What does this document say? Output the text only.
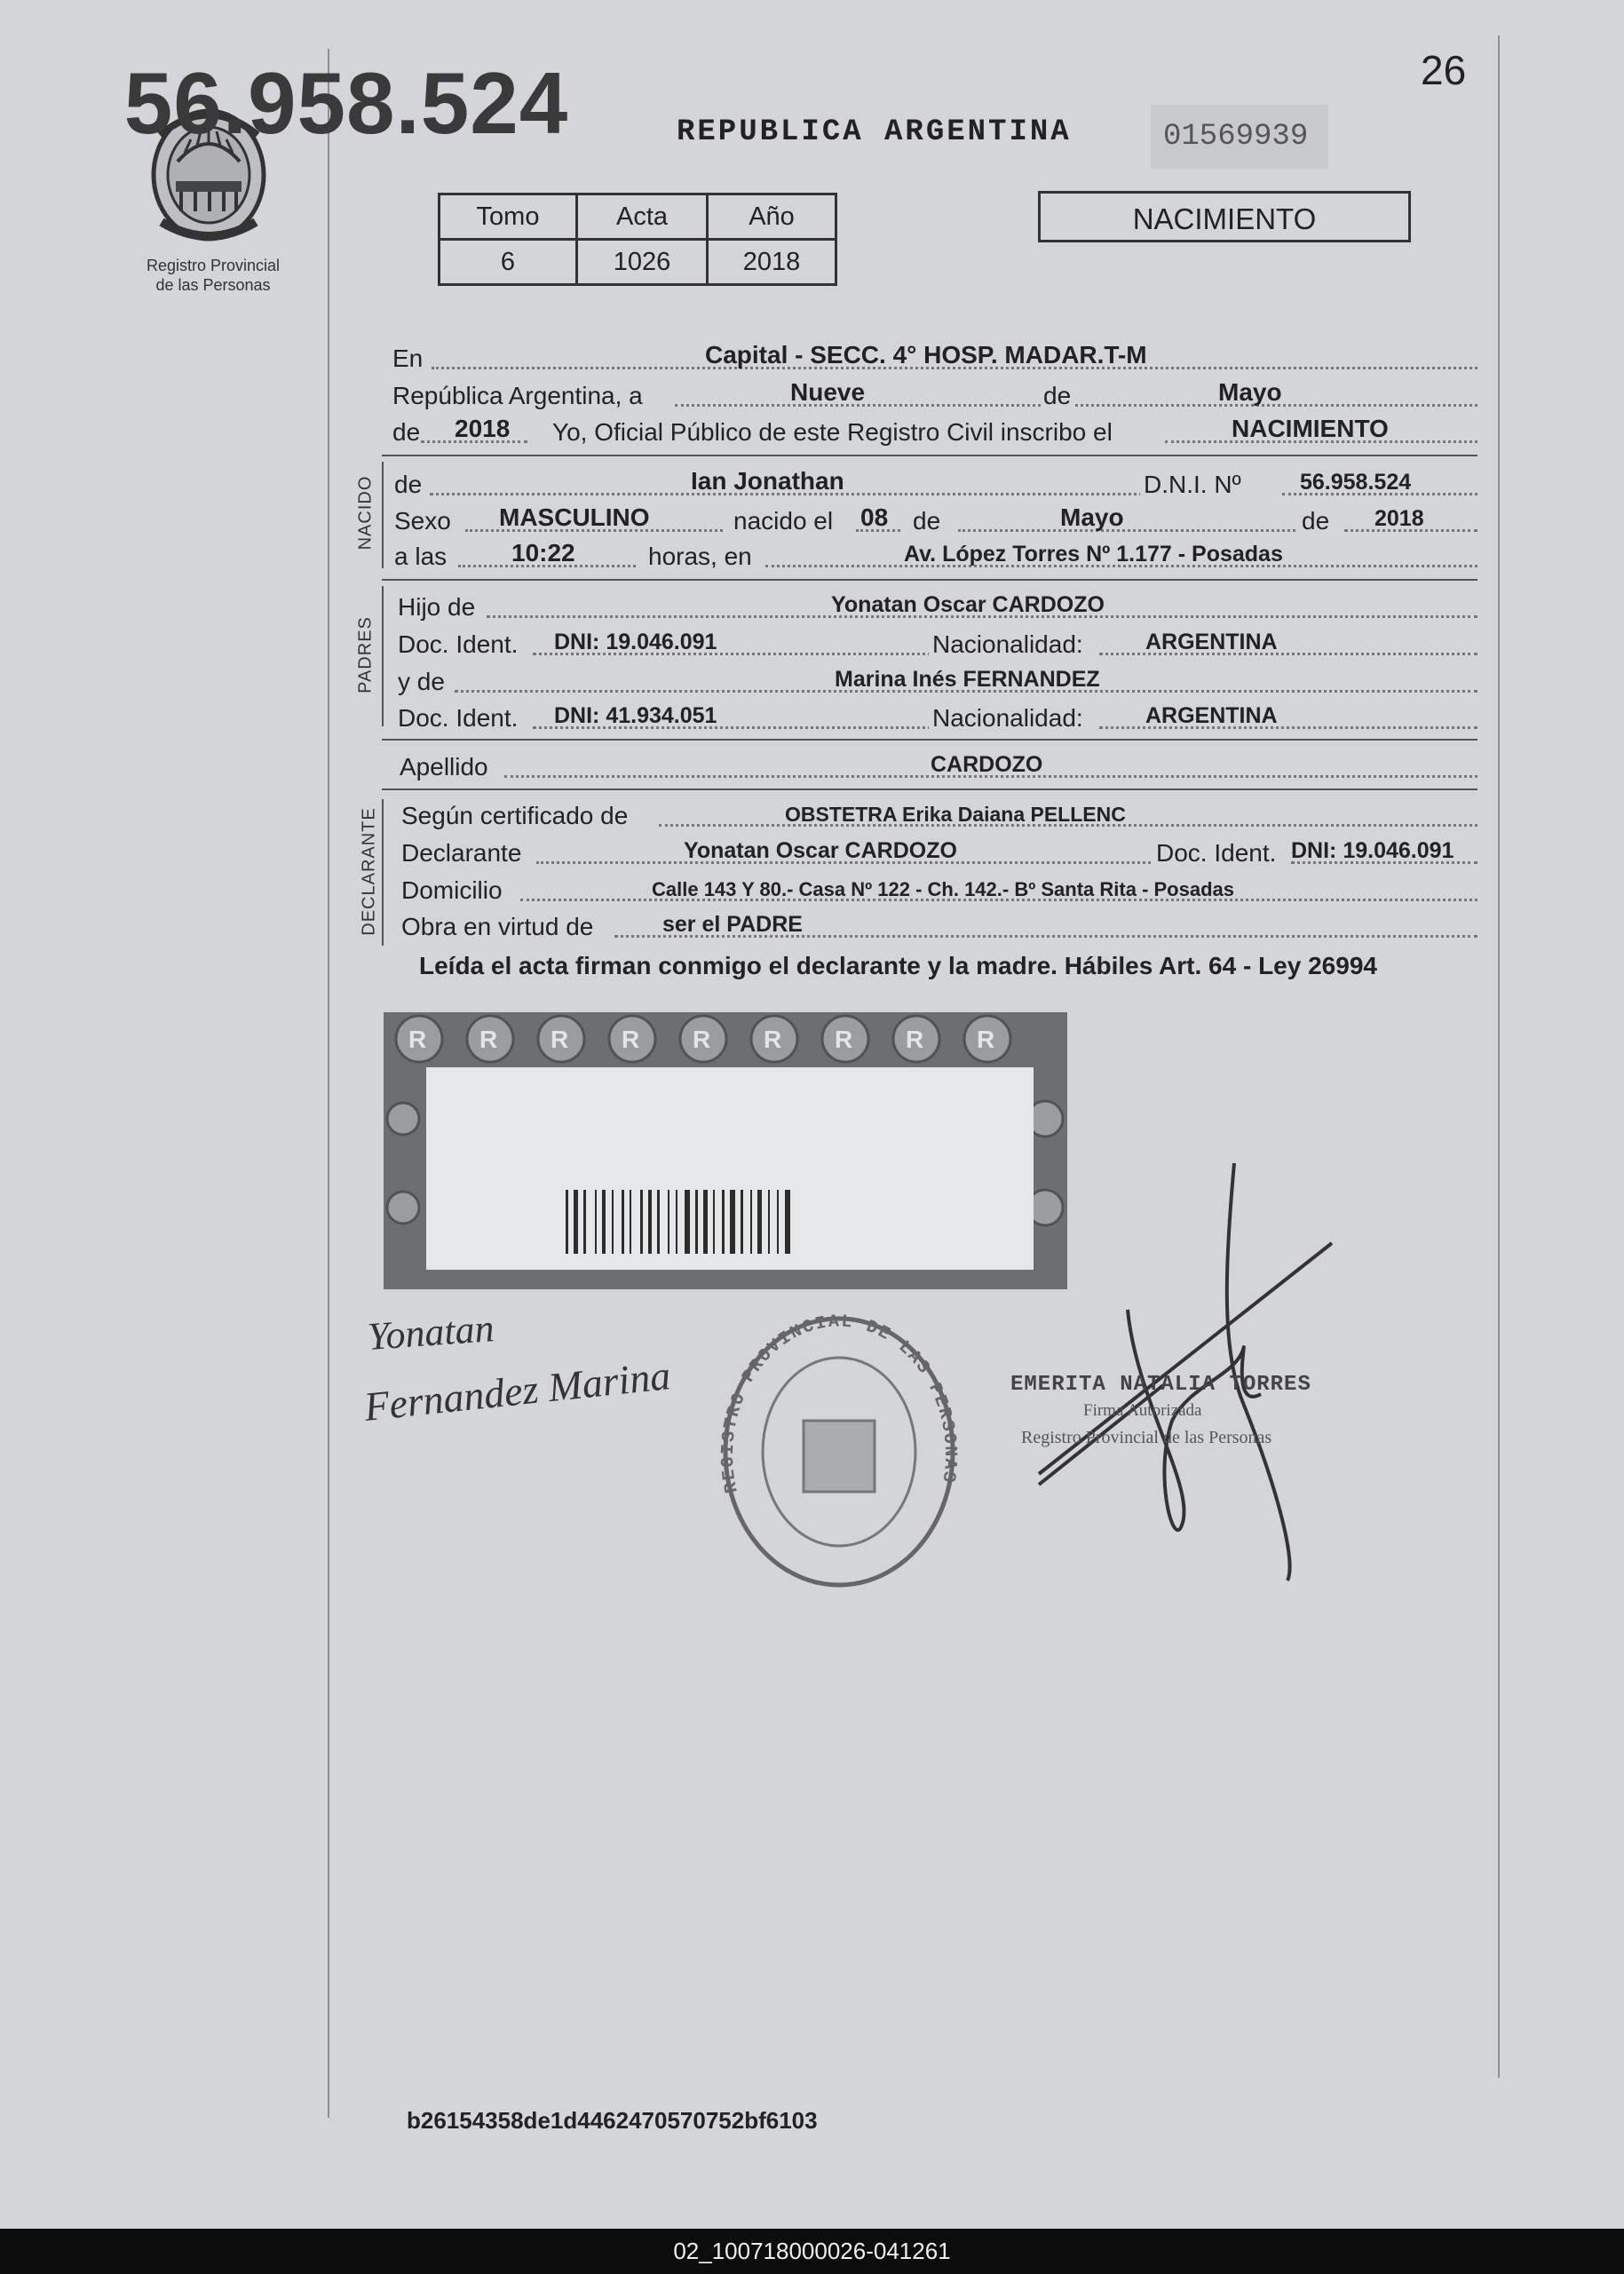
26
Registro Provincial
de las Personas
REPUBLICA ARGENTINA	01569939
Tomo	Acta	Año
6	1026	2018
NACIMIENTO
En	Capital - SECC. 4° HOSP. MADAR.T-M
República Argentina, a	Nueve	de	Mayo
de 2018 Yo, Oficial Público de este Registro Civil inscribo el	NACIMIENTO
NACIDO de	Ian Jonathan	D.N.I. Nº	56.958.524
Sexo MASCULINO	nacido el 08 de	Mayo	de 2018
a las	10:22	horas, en	Av. López Torres Nº 1.177 - Posadas
PADRES
Hijo de	Yonatan Oscar CARDOZO
Doc. Ident. DNI: 19.046.091	Nacionalidad:	ARGENTINA
y de	Marina Inés FERNANDEZ
Doc. Ident. DNI: 41.934.051	Nacionalidad:	ARGENTINA
Apellido	CARDOZO
DECLARANTE Según certificado de	OBSTETRA Erika Daiana PELLENC
Declarante	Yonatan Oscar CARDOZO	Doc. Ident. DNI: 19.046.091
Domicilio	Calle 143 Y 80.- Casa Nº 122 - Ch. 142.- Bº Santa Rita - Posadas
Obra en virtud de	ser el PADRE
Leída el acta firman conmigo el declarante y la madre. Hábiles Art. 64 - Ley 26994
R R R R R R R R R
56.958.524
Yonatan
Fernandez Marina
REGISTRO PROVINCIAL DE LAS PERSONAS
EMERITA NATALIA TORRES
Firma Autorizada
Registro Provincial de las Personas
b26154358de1d4462470570752bf6103
02_100718000026-041261
